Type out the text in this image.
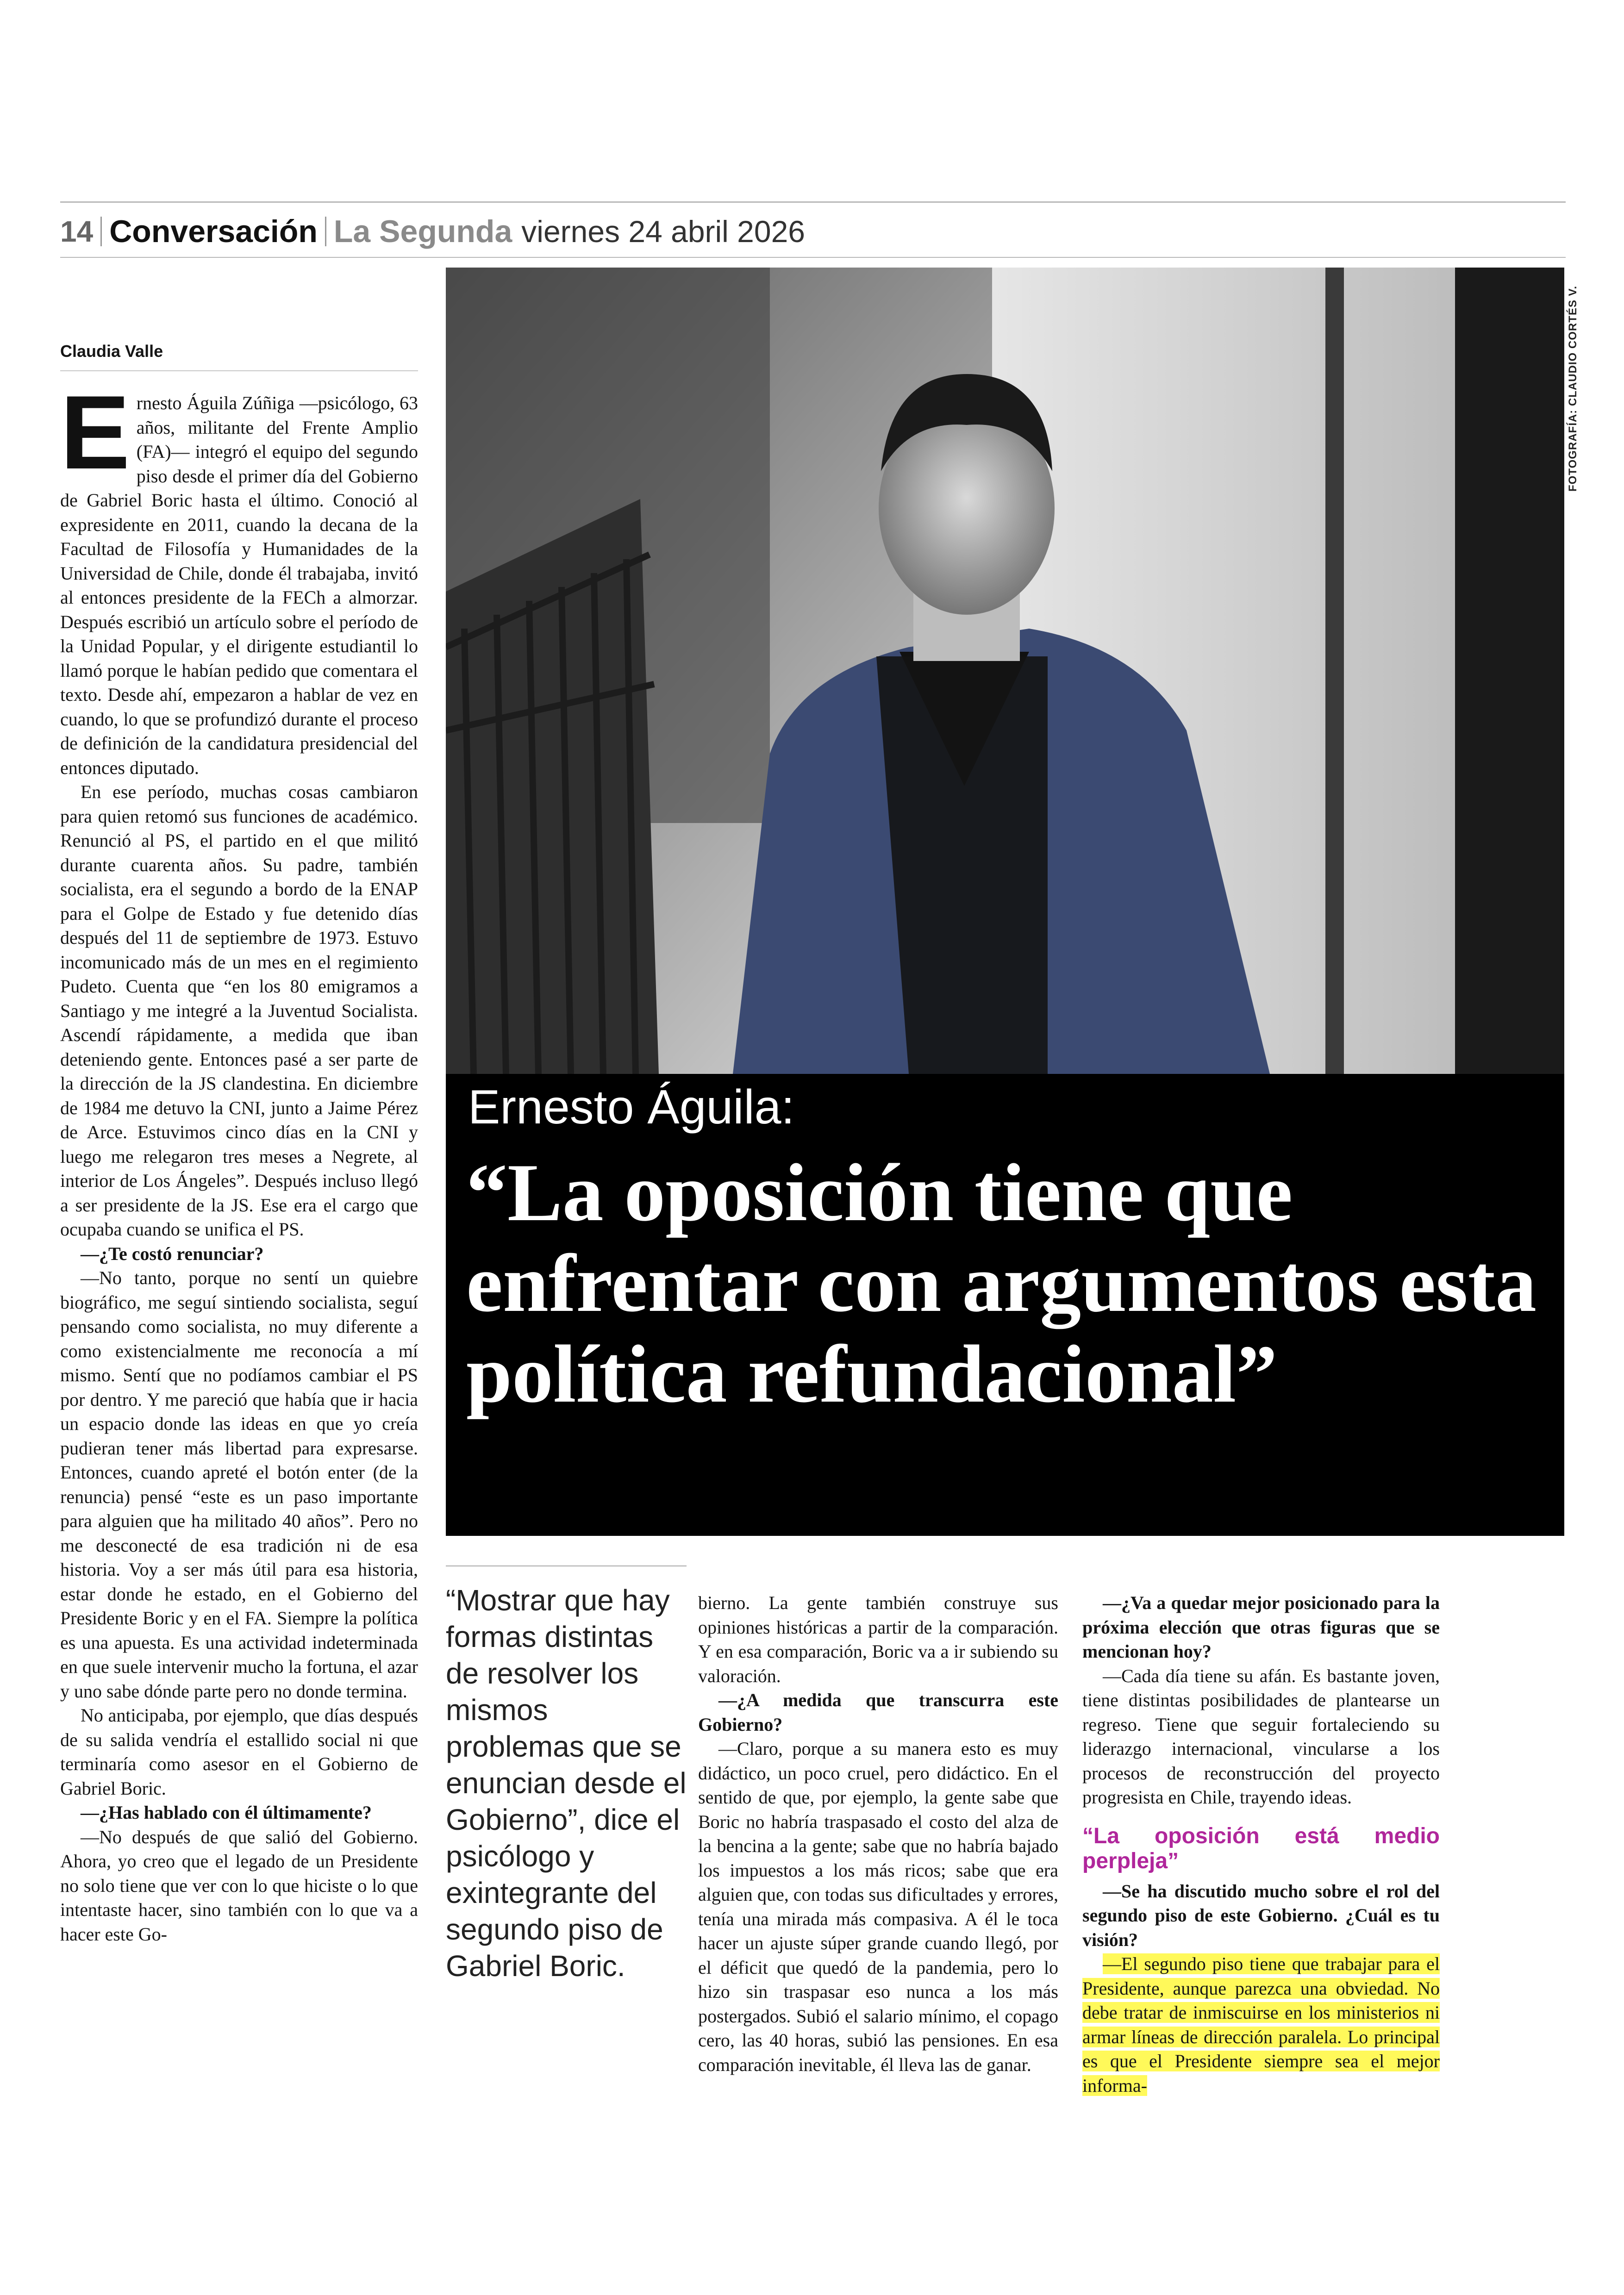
14 Conversación La Segunda viernes 24 abril 2026
Claudia Valle

Ernesto Águila Zúñiga —psicólogo, 63 años, militante del Frente Amplio (FA)— integró el equipo del segundo piso desde el primer día del Gobierno de Gabriel Boric hasta el último. Conoció al expresidente en 2011, cuando la decana de la Facultad de Filosofía y Humanidades de la Universidad de Chile, donde él trabajaba, invitó al entonces presidente de la FECh a almorzar. Después escribió un artículo sobre el período de la Unidad Popular, y el dirigente estudiantil lo llamó porque le habían pedido que comentara el texto. Desde ahí, empezaron a hablar de vez en cuando, lo que se profundizó durante el proceso de definición de la candidatura presidencial del entonces diputado.

En ese período, muchas cosas cambiaron para quien retomó sus funciones de académico. Renunció al PS, el partido en el que militó durante cuarenta años. Su padre, también socialista, era el segundo a bordo de la ENAP para el Golpe de Estado y fue detenido días después del 11 de septiembre de 1973. Estuvo incomunicado más de un mes en el regimiento Pudeto. Cuenta que “en los 80 emigramos a Santiago y me integré a la Juventud Socialista. Ascendí rápidamente, a medida que iban deteniendo gente. Entonces pasé a ser parte de la dirección de la JS clandestina. En diciembre de 1984 me detuvo la CNI, junto a Jaime Pérez de Arce. Estuvimos cinco días en la CNI y luego me relegaron tres meses a Negrete, al interior de Los Ángeles”. Después incluso llegó a ser presidente de la JS. Ese era el cargo que ocupaba cuando se unifica el PS.

—¿Te costó renunciar?

—No tanto, porque no sentí un quiebre biográfico, me seguí sintiendo socialista, seguí pensando como socialista, no muy diferente a como existencialmente me reconocía a mí mismo. Sentí que no podíamos cambiar el PS por dentro. Y me pareció que había que ir hacia un espacio donde las ideas en que yo creía pudieran tener más libertad para expresarse. Entonces, cuando apreté el botón enter (de la renuncia) pensé “este es un paso importante para alguien que ha militado 40 años”. Pero no me desconecté de esa tradición ni de esa historia. Voy a ser más útil para esa historia, estar donde he estado, en el Gobierno del Presidente Boric y en el FA. Siempre la política es una apuesta. Es una actividad indeterminada en que suele intervenir mucho la fortuna, el azar y uno sabe dónde parte pero no donde termina.

No anticipaba, por ejemplo, que días después de su salida vendría el estallido social ni que terminaría como asesor en el Gobierno de Gabriel Boric.

—¿Has hablado con él últimamente?

—No después de que salió del Gobierno. Ahora, yo creo que el legado de un Presidente no solo tiene que ver con lo que hiciste o lo que intentaste hacer, sino también con lo que va a hacer este Go-

Ernesto Águila:
“La oposición tiene que enfrentar con argumentos esta política refundacional”
FOTOGRAFÍA: CLAUDIO CORTÉS V.
“Mostrar que hay formas distintas de resolver los mismos problemas que se enuncian desde el Gobierno”, dice el psicólogo y exintegrante del segundo piso de Gabriel Boric.

bierno. La gente también construye sus opiniones históricas a partir de la comparación. Y en esa comparación, Boric va a ir subiendo su valoración.

—¿A medida que transcurra este Gobierno?

—Claro, porque a su manera esto es muy didáctico, un poco cruel, pero didáctico. En el sentido de que, por ejemplo, la gente sabe que Boric no habría traspasado el costo del alza de la bencina a la gente; sabe que no habría bajado los impuestos a los más ricos; sabe que era alguien que, con todas sus dificultades y errores, tenía una mirada más compasiva. A él le toca hacer un ajuste súper grande cuando llegó, por el déficit que quedó de la pandemia, pero lo hizo sin traspasar eso nunca a los más postergados. Subió el salario mínimo, el copago cero, las 40 horas, subió las pensiones. En esa comparación inevitable, él lleva las de ganar.

—¿Va a quedar mejor posicionado para la próxima elección que otras figuras que se mencionan hoy?

—Cada día tiene su afán. Es bastante joven, tiene distintas posibilidades de plantearse un regreso. Tiene que seguir fortaleciendo su liderazgo internacional, vincularse a los procesos de reconstrucción del proyecto progresista en Chile, trayendo ideas.

“La oposición está medio perpleja”

—Se ha discutido mucho sobre el rol del segundo piso de este Gobierno. ¿Cuál es tu visión?

—El segundo piso tiene que trabajar para el Presidente, aunque parezca una obviedad. No debe tratar de inmiscuirse en los ministerios ni armar líneas de dirección paralela. Lo principal es que el Presidente siempre sea el mejor informa-
